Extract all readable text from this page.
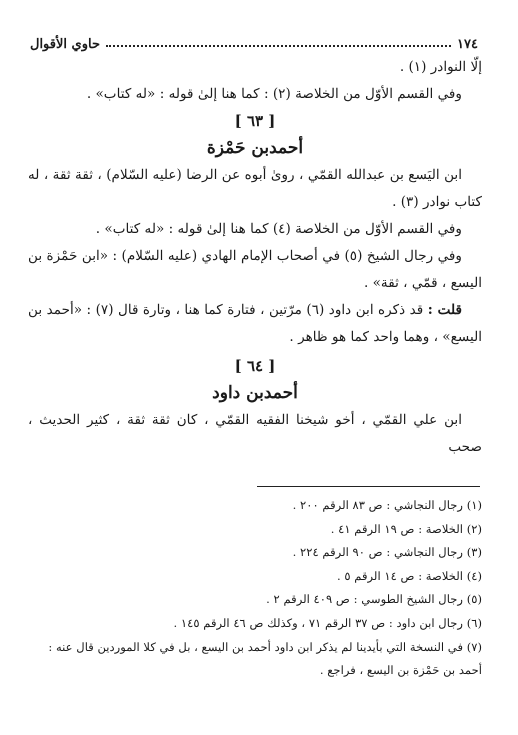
١٧٤
حاوي الأقوال

إلّا النوادر (١) .

وفي القسم الأوّل من الخلاصة (٢) : كما هنا إلىٰ قوله : «له كتاب» .

[ ٦٣ ]

أحمدبن حَمْزة

ابن اليَسع بن عبدالله القمّي ، روىٰ أبوه عن الرضا (عليه السّلام) ، ثقة ثقة ، له كتاب نوادر (٣) .

وفي القسم الأوّل من الخلاصة (٤) كما هنا إلىٰ قوله : «له كتاب» .

وفي رجال الشيخ (٥) في أصحاب الإمام الهادي (عليه السّلام) : «ابن حَمْزة بن اليسع ، قمّي ، ثقة» .

قلت : قد ذكره ابن داود (٦) مرّتين ، فتارة كما هنا ، وتارة قال (٧) : «أحمد بن اليسع» ، وهما واحد كما هو ظاهر .

[ ٦٤ ]

أحمدبن داود

ابن علي القمّي ، أخو شيخنا الفقيه القمّي ، كان ثقة ثقة ، كثير الحديث ، صحب

(١) رجال النجاشي : ص ٨٣ الرقم ٢٠٠ .

(٢) الخلاصة : ص ١٩ الرقم ٤١ .

(٣) رجال النجاشي : ص ٩٠ الرقم ٢٢٤ .

(٤) الخلاصة : ص ١٤ الرقم ٥ .

(٥) رجال الشيخ الطوسي : ص ٤٠٩ الرقم ٢ .

(٦) رجال ابن داود : ص ٣٧ الرقم ٧١ ، وكذلك ص ٤٦ الرقم ١٤٥ .

(٧) في النسخة التي بأيدينا لم يذكر ابن داود أحمد بن اليسع ، بل في كلا الموردين قال عنه : أحمد بن حَمْزة بن اليسع ، فراجع .
